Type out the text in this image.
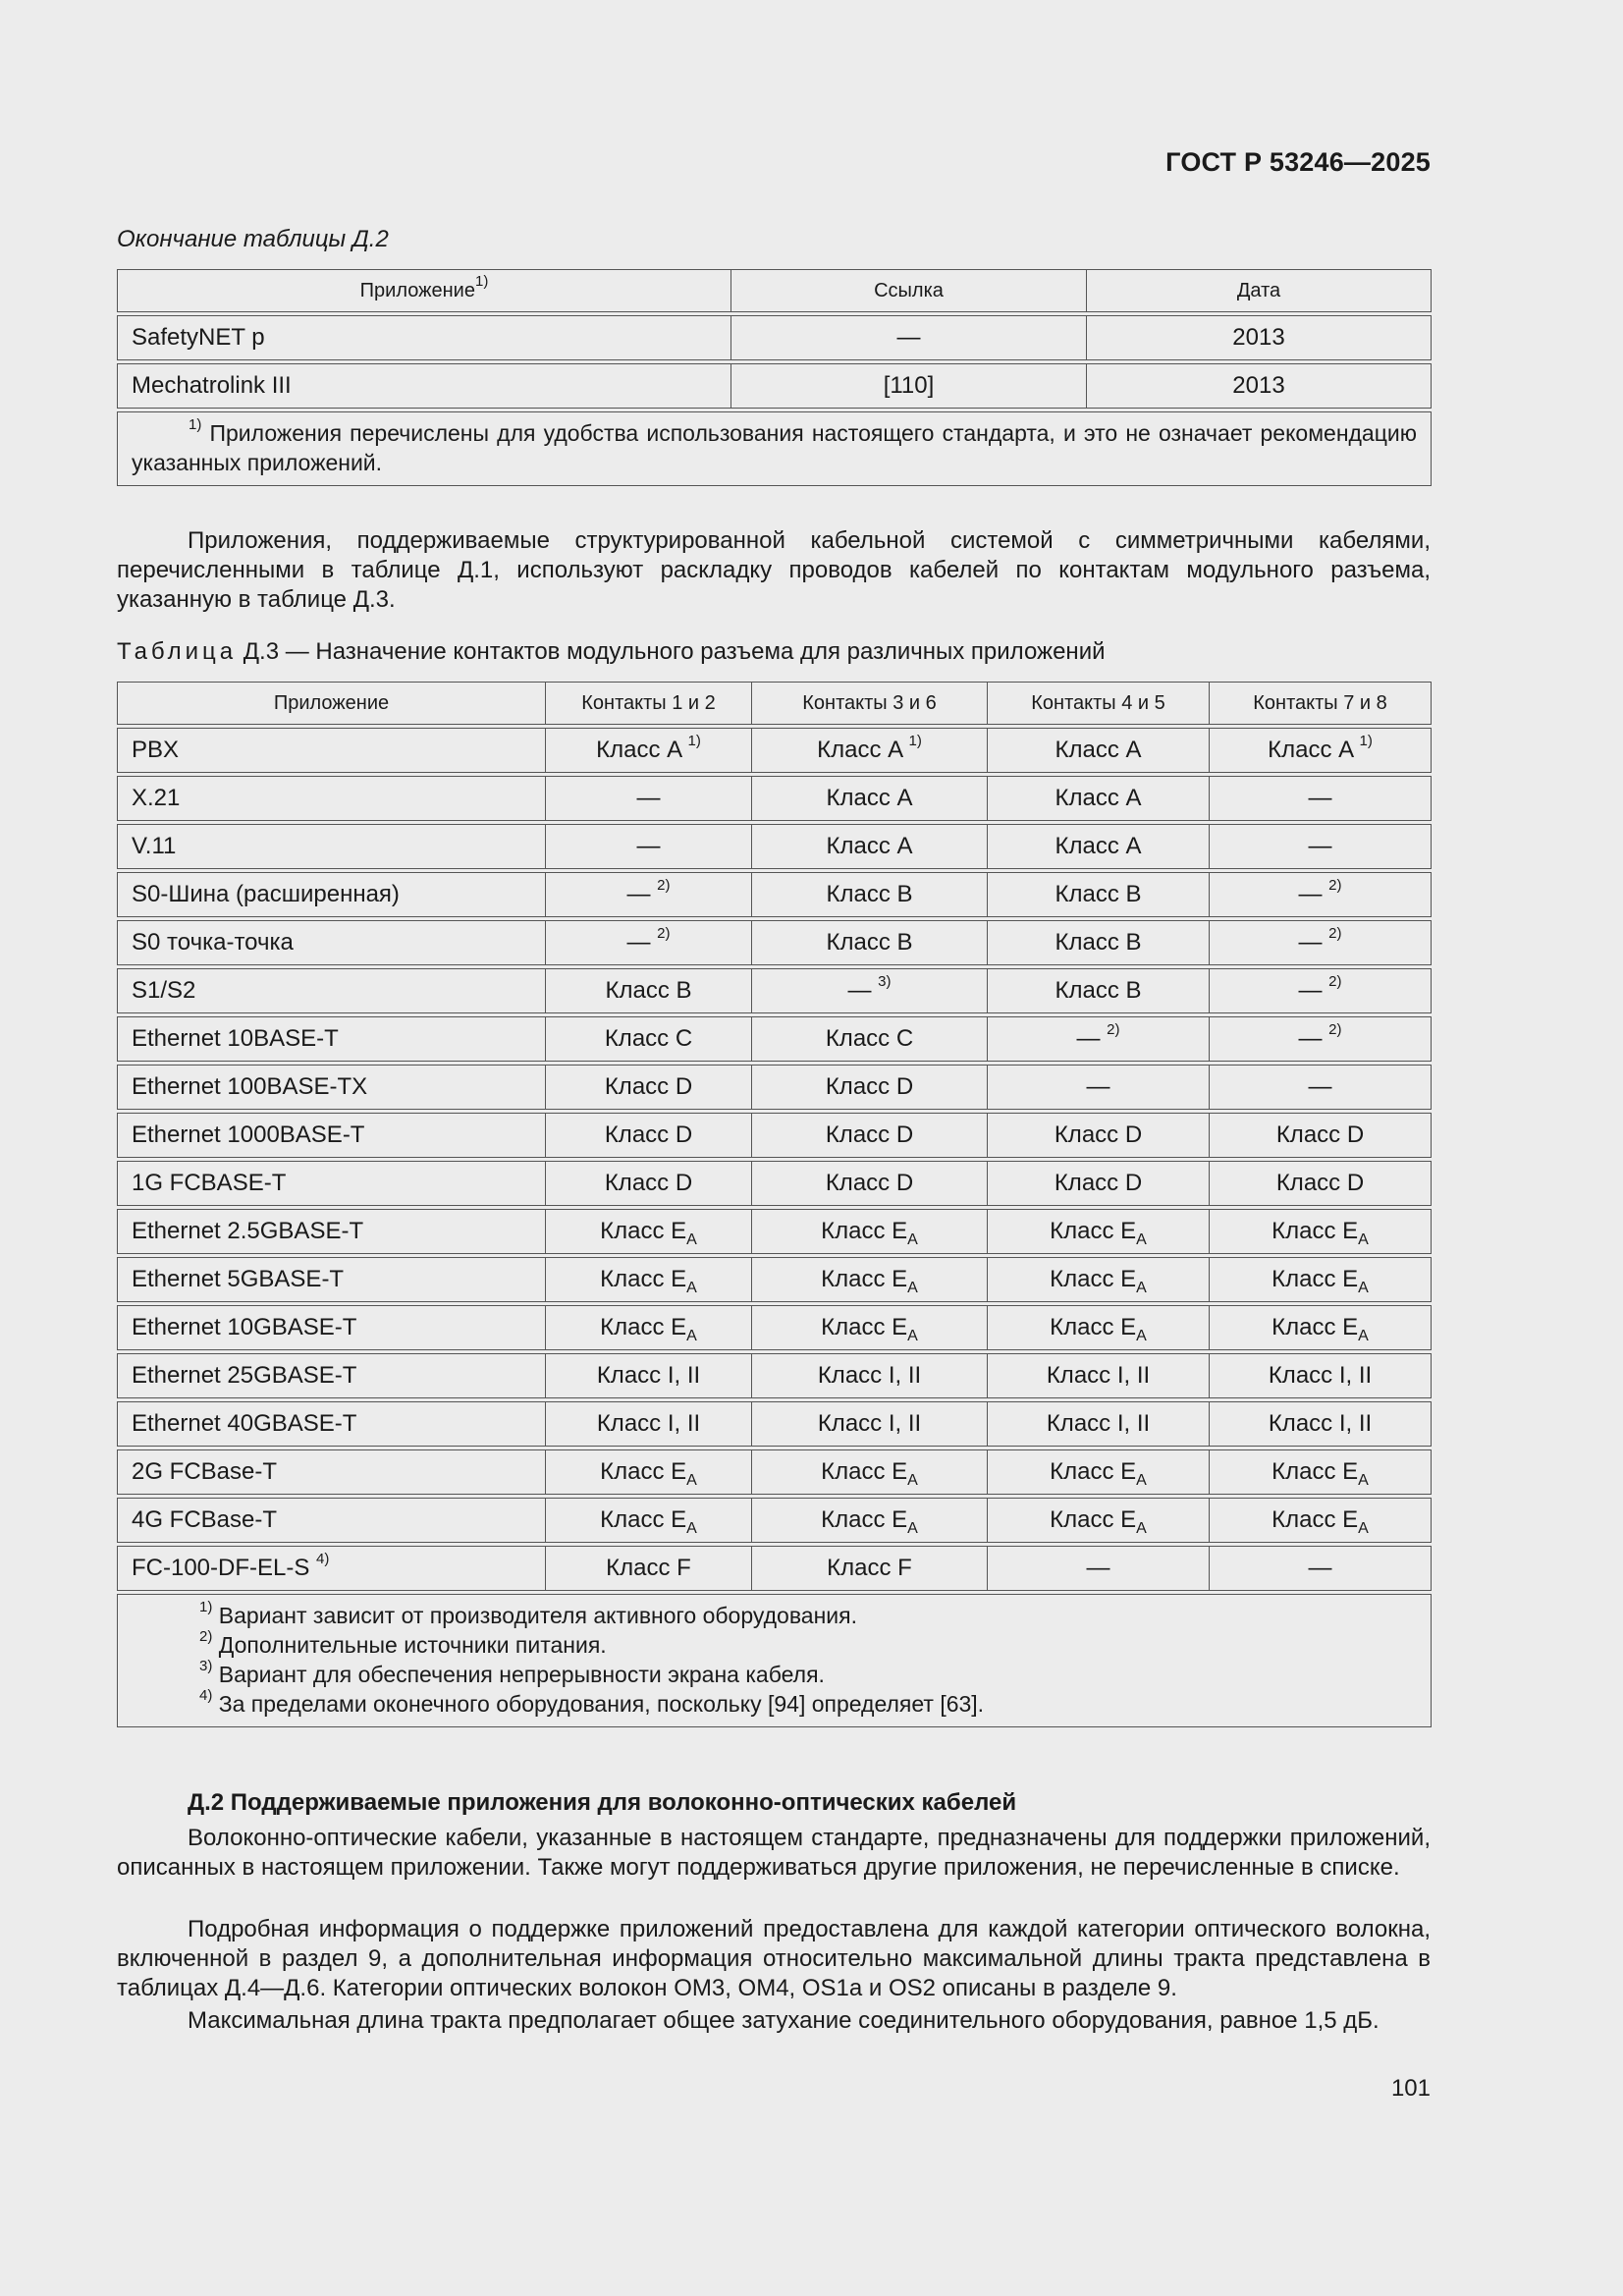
ГОСТ Р 53246—2025
Окончание таблицы Д.2
Приложение$^{1)}$	Ссылка	Дата
SafetyNET p	—	2013
Mechatrolink III	[110]	2013

$^{1)}$ Приложения перечислены для удобства использования настоящего стандарта, и это не означает рекомендацию указанных приложений.		
Приложения, поддерживаемые структурированной кабельной системой с симметричными кабелями, перечисленными в таблице Д.1, используют раскладку проводов кабелей по контактам модульного разъема, указанную в таблице Д.3.
Таблица Д.3 — Назначение контактов модульного разъема для различных приложений
Приложение	Контакты 1 и 2	Контакты 3 и 6	Контакты 4 и 5	Контакты 7 и 8
PBX	Класс A $^{1)}$	Класс A $^{1)}$	Класс A	Класс A $^{1)}$
X.21	—	Класс A	Класс A	—
V.11	—	Класс A	Класс A	—
S0-Шина (расширенная)	— $^{2)}$	Класс B	Класс B	— $^{2)}$
S0 точка-точка	— $^{2)}$	Класс B	Класс B	— $^{2)}$
S1/S2	Класс B	— $^{3)}$	Класс B	— $^{2)}$
Ethernet 10BASE-T	Класс C	Класс C	— $^{2)}$	— $^{2)}$
Ethernet 100BASE-TX	Класс D	Класс D	—	—
Ethernet 1000BASE-T	Класс D	Класс D	Класс D	Класс D
1G FCBASE-T	Класс D	Класс D	Класс D	Класс D
Ethernet 2.5GBASE-T	Класс $E_A$	Класс $E_A$	Класс $E_A$	Класс $E_A$
Ethernet 5GBASE-T	Класс $E_A$	Класс $E_A$	Класс $E_A$	Класс $E_A$
Ethernet 10GBASE-T	Класс $E_A$	Класс $E_A$	Класс $E_A$	Класс $E_A$
Ethernet 25GBASE-T	Класс I, II	Класс I, II	Класс I, II	Класс I, II
Ethernet 40GBASE-T	Класс I, II	Класс I, II	Класс I, II	Класс I, II
2G FCBase-T	Класс $E_A$	Класс $E_A$	Класс $E_A$	Класс $E_A$
4G FCBase-T	Класс $E_A$	Класс $E_A$	Класс $E_A$	Класс $E_A$
FC-100-DF-EL-S $^{4)}$	Класс F	Класс F	—	—

$^{1)}$ Вариант зависит от производителя активного оборудования.
$^{2)}$ Дополнительные источники питания.
$^{3)}$ Вариант для обеспечения непрерывности экрана кабеля.
$^{4)}$ За пределами оконечного оборудования, поскольку [94] определяет [63].				
Д.2 Поддерживаемые приложения для волоконно-оптических кабелей
Волоконно-оптические кабели, указанные в настоящем стандарте, предназначены для поддержки приложений, описанных в настоящем приложении. Также могут поддерживаться другие приложения, не перечисленные в списке.
Подробная информация о поддержке приложений предоставлена для каждой категории оптического волокна, включенной в раздел 9, а дополнительная информация относительно максимальной длины тракта представлена в таблицах Д.4—Д.6. Категории оптических волокон OM3, OM4, OS1a и OS2 описаны в разделе 9.
Максимальная длина тракта предполагает общее затухание соединительного оборудования, равное 1,5 дБ.
101
